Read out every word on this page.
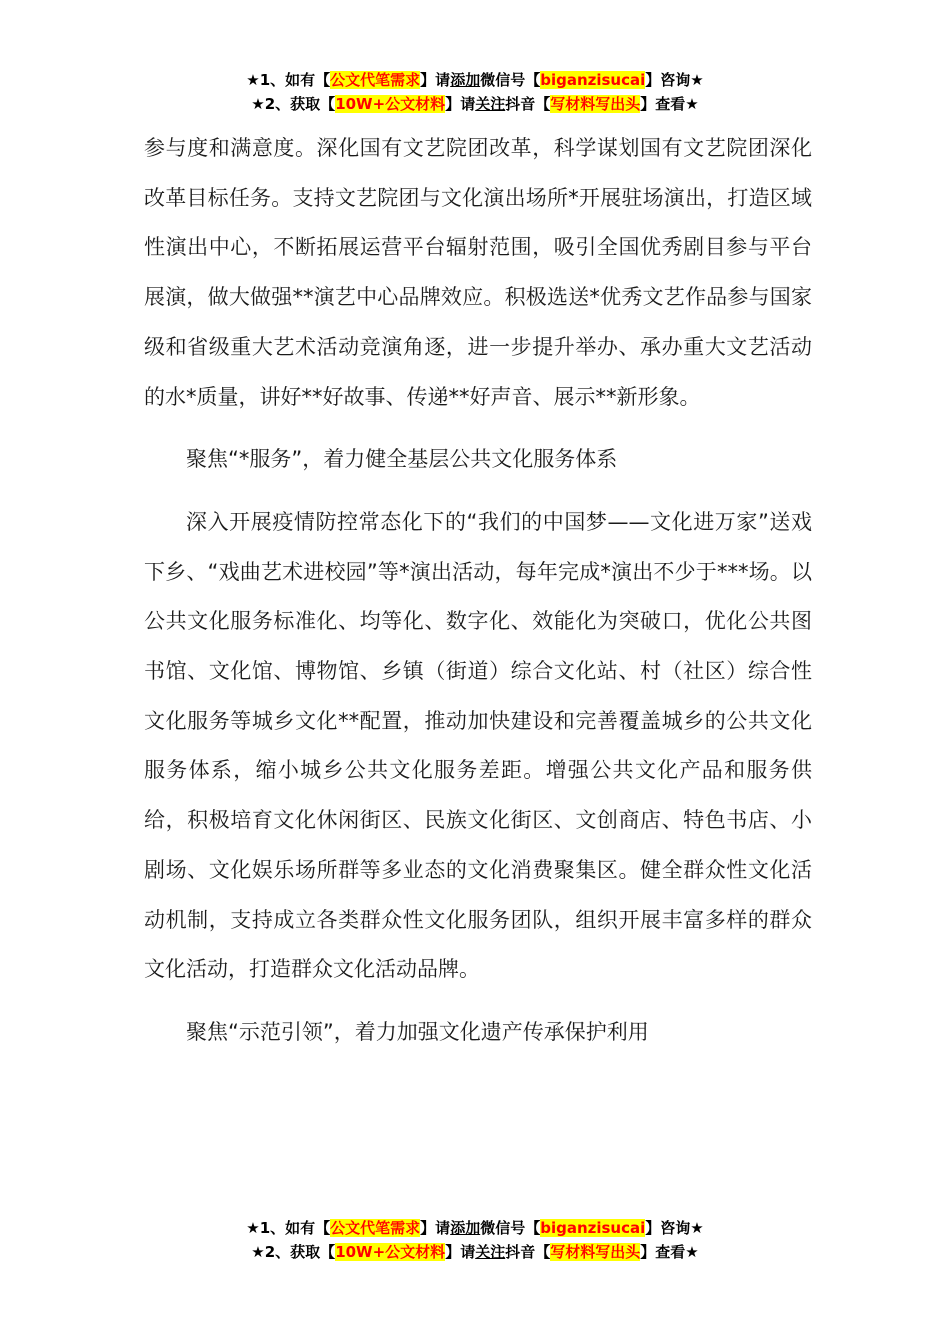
★1、如有【公文代笔需求】请添加微信号【biganzisucai】咨询★
★2、获取【10W+公文材料】请关注抖音【写材料写出头】查看★

参与度和满意度。深化国有文艺院团改革，科学谋划国有文艺院团深化改革目标任务。支持文艺院团与文化演出场所*开展驻场演出，打造区域性演出中心，不断拓展运营平台辐射范围，吸引全国优秀剧目参与平台展演，做大做强**演艺中心品牌效应。积极选送*优秀文艺作品参与国家级和省级重大艺术活动竞演角逐，进一步提升举办、承办重大文艺活动的水*质量，讲好**好故事、传递**好声音、展示**新形象。

聚焦“*服务”，着力健全基层公共文化服务体系

深入开展疫情防控常态化下的“我们的中国梦——文化进万家”送戏下乡、“戏曲艺术进校园”等*演出活动，每年完成*演出不少于***场。以公共文化服务标准化、均等化、数字化、效能化为突破口，优化公共图书馆、文化馆、博物馆、乡镇（街道）综合文化站、村（社区）综合性文化服务等城乡文化**配置，推动加快建设和完善覆盖城乡的公共文化服务体系，缩小城乡公共文化服务差距。增强公共文化产品和服务供给，积极培育文化休闲街区、民族文化街区、文创商店、特色书店、小剧场、文化娱乐场所群等多业态的文化消费聚集区。健全群众性文化活动机制，支持成立各类群众性文化服务团队，组织开展丰富多样的群众文化活动，打造群众文化活动品牌。

聚焦“示范引领”，着力加强文化遗产传承保护利用

★1、如有【公文代笔需求】请添加微信号【biganzisucai】咨询★
★2、获取【10W+公文材料】请关注抖音【写材料写出头】查看★
